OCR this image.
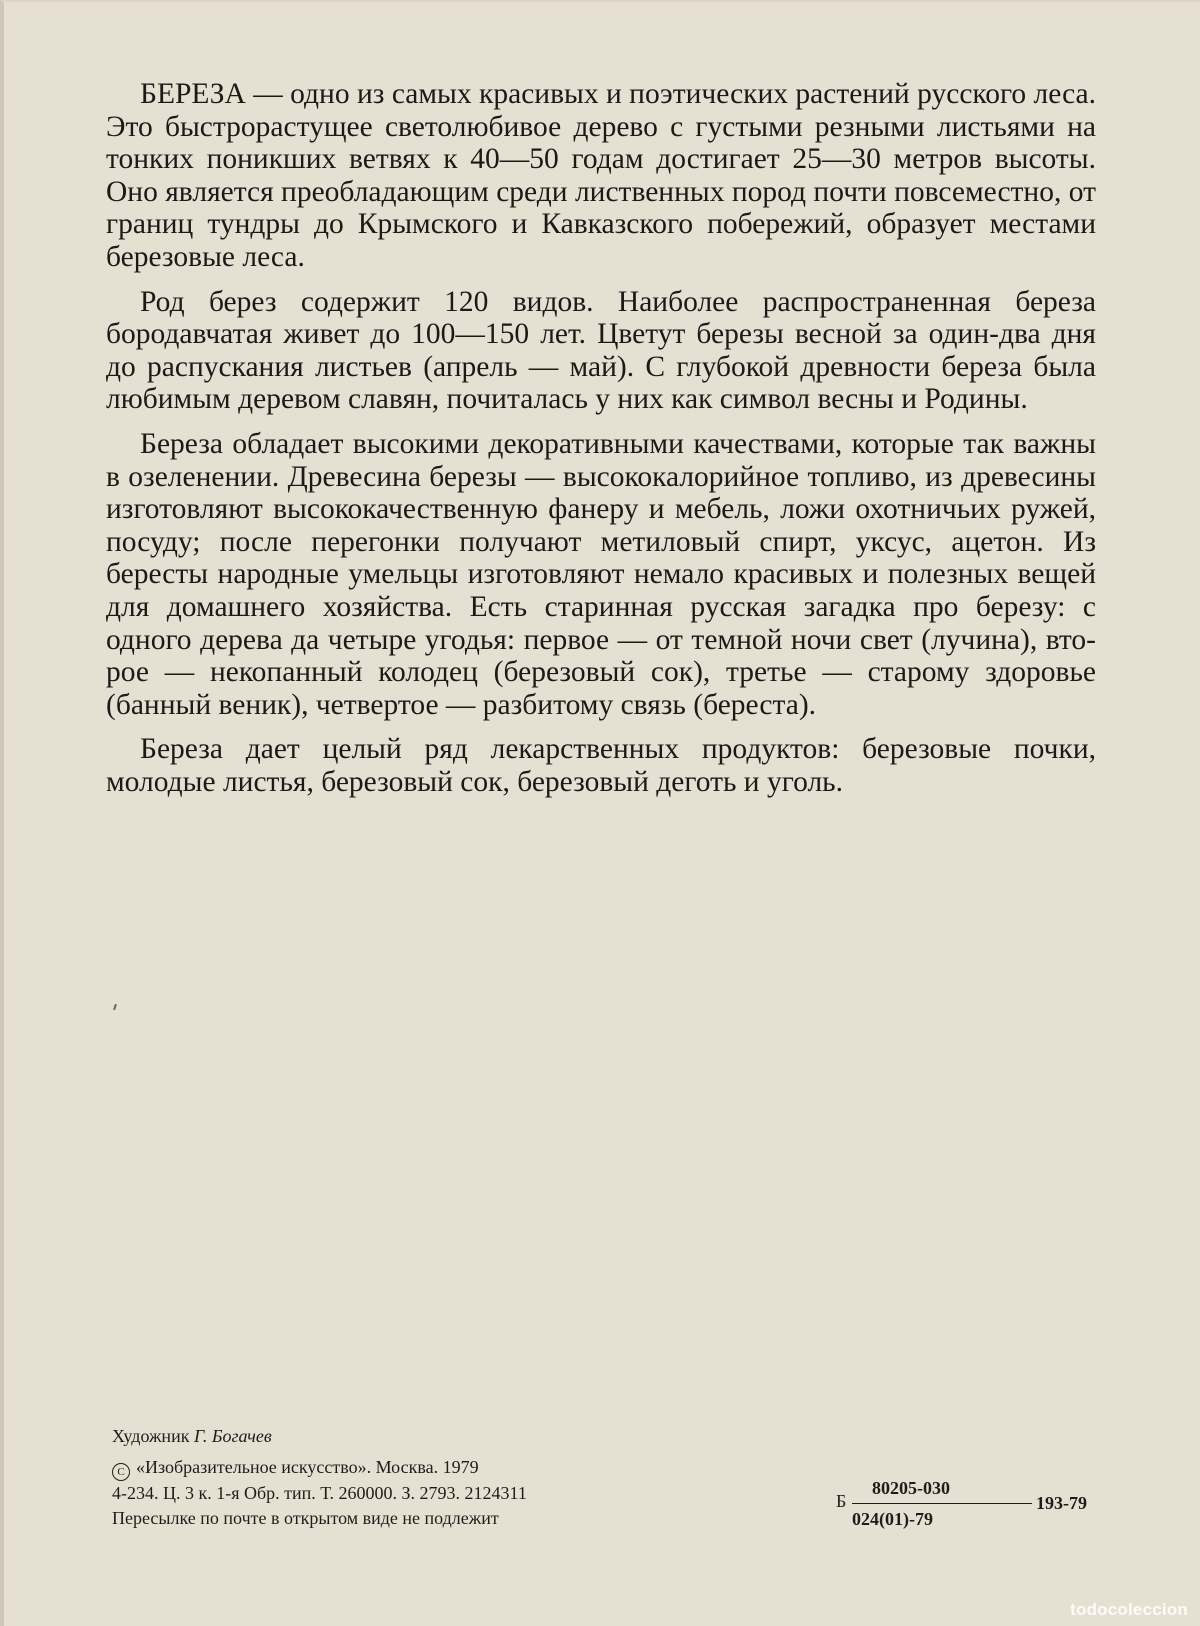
БЕРЕЗА — одно из самых красивых и поэтических растений русского леса. Это быстрорастущее светолюбивое дерево с густыми резными листьями на тонких поникших ветвях к 40—50 годам достигает 25—30 метров высоты. Оно является преобладающим среди лиственных пород почти повсеместно, от границ тундры до Крымского и Кавказского побережий, образует местами березовые леса.

Род берез содержит 120 видов. Наиболее распространенная береза бородавчатая живет до 100—150 лет. Цветут березы весной за один-два дня до распускания листьев (апрель — май). С глубокой древности береза была любимым деревом славян, почиталась у них как символ весны и Родины.

Береза обладает высокими декоративными качествами, которые так важны в озеленении. Древесина березы — высококалорийное топливо, из древесины изготовляют высококачественную фанеру и мебель, ложи охотничьих ружей, посуду; после перегонки получают метиловый спирт, уксус, ацетон. Из бересты народные умельцы изготовляют немало красивых и полезных вещей для домашнего хозяйства. Есть старинная русская загадка про березу: с одного дерева да четыре угодья: первое — от темной ночи свет (лучина), второе — некопанный колодец (березовый сок), третье — старому здоровье (банный веник), четвертое — разбитому связь (береста).

Береза дает целый ряд лекарственных продуктов: березовые почки, молодые листья, березовый сок, березовый деготь и уголь.

Художник Г. Богачев
C «Изобразительное искусство». Москва. 1979
4-234. Ц. 3 к. 1-я Обр. тип. Т. 260000. З. 2793. 2124311
Пересылке по почте в открытом виде не подлежит
Б
80205-030
024(01)-79
193-79
todocoleccion
